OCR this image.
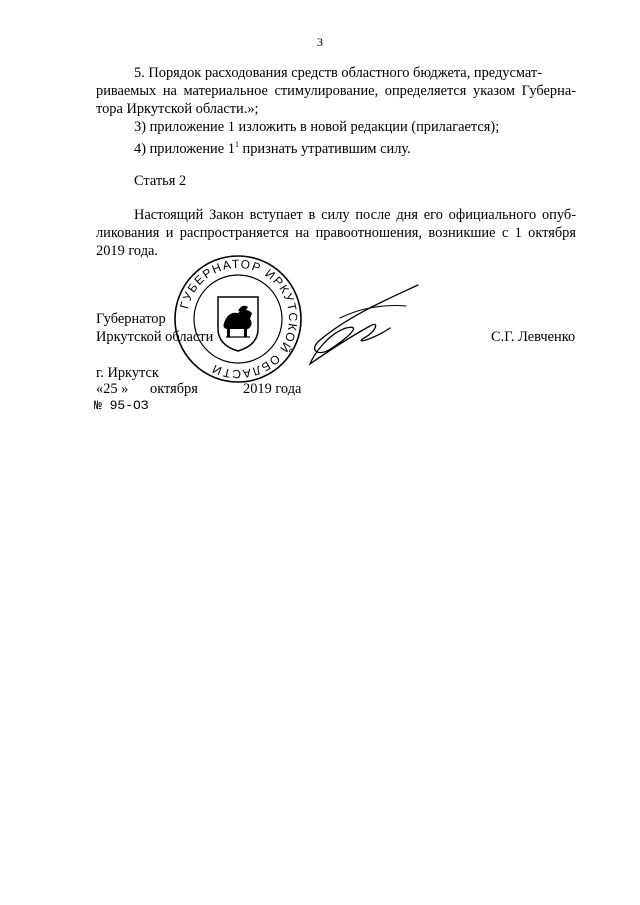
3
5. Порядок расходования средств областного бюджета, предусмат-
риваемых на материальное стимулирование, определяется указом Губерна-
тора Иркутской области.»;
3) приложение 1 изложить в новой редакции (прилагается);
4) приложение $1^1$ признать утратившим силу.
Статья 2
Настоящий Закон вступает в силу после дня его официального опуб-
ликования и распространяется на правоотношения, возникшие с 1 октября
2019 года.
ГУБЕРНАТОР ИРКУТСКОЙ ОБЛАСТИ
Губернатор
Иркутской области	С.Г. Левченко
г. Иркутск
«25 » октября	2019 года
№ 95-ОЗ
